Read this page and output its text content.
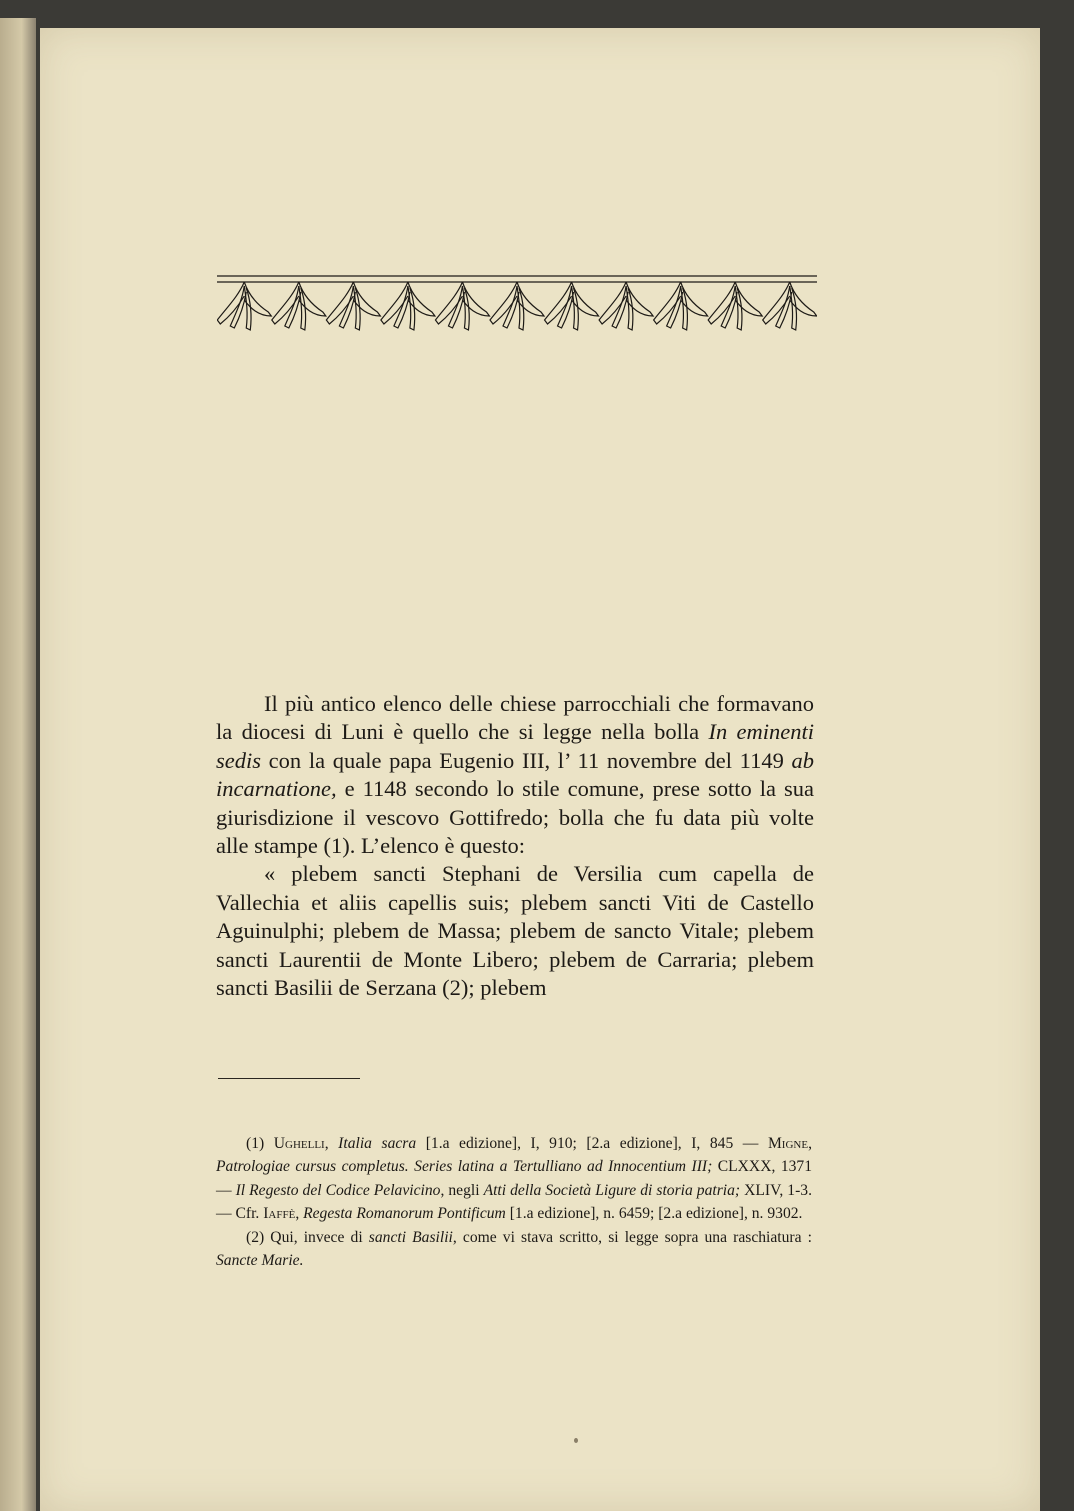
Il più antico elenco delle chiese parrocchiali che formavano la diocesi di Luni è quello che si legge nella bolla In eminenti sedis con la quale papa Eugenio III, l’ 11 novembre del 1149 ab incarnatione, e 1148 secondo lo stile comune, prese sotto la sua giurisdizione il vescovo Gottifredo; bolla che fu data più volte alle stampe (1). L’elenco è questo:

« plebem sancti Stephani de Versilia cum capella de Vallechia et aliis capellis suis; plebem sancti Viti de Castello Aguinulphi; plebem de Massa; plebem de sancto Vitale; plebem sancti Laurentii de Monte Libero; plebem de Carraria; plebem sancti Basilii de Serzana (2); plebem

(1) Ughelli, Italia sacra [1.a edizione], I, 910; [2.a edizione], I, 845 — Migne, Patrologiae cursus completus. Series latina a Tertulliano ad Innocentium III; CLXXX, 1371 — Il Regesto del Codice Pelavicino, negli Atti della Società Ligure di storia patria; XLIV, 1-3. — Cfr. Iaffè, Regesta Romanorum Pontificum [1.a edizione], n. 6459; [2.a edizione], n. 9302.

(2) Qui, invece di sancti Basilii, come vi stava scritto, si legge sopra una raschiatura : Sancte Marie.
